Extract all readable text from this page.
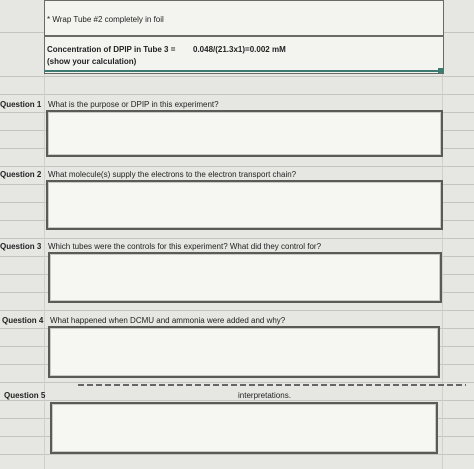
* Wrap Tube #2 completely in foil
Concentration of DPIP in Tube 3 = 0.048/(21.3x1)=0.002 mM
(show your calculation)
Question 1 What is the purpose or DPIP in this experiment?
Question 2 What molecule(s) supply the electrons to the electron transport chain?
Question 3 Which tubes were the controls for this experiment? What did they control for?
Question 4 What happened when DCMU and ammonia were added and why?
Question 5	interpretations.
